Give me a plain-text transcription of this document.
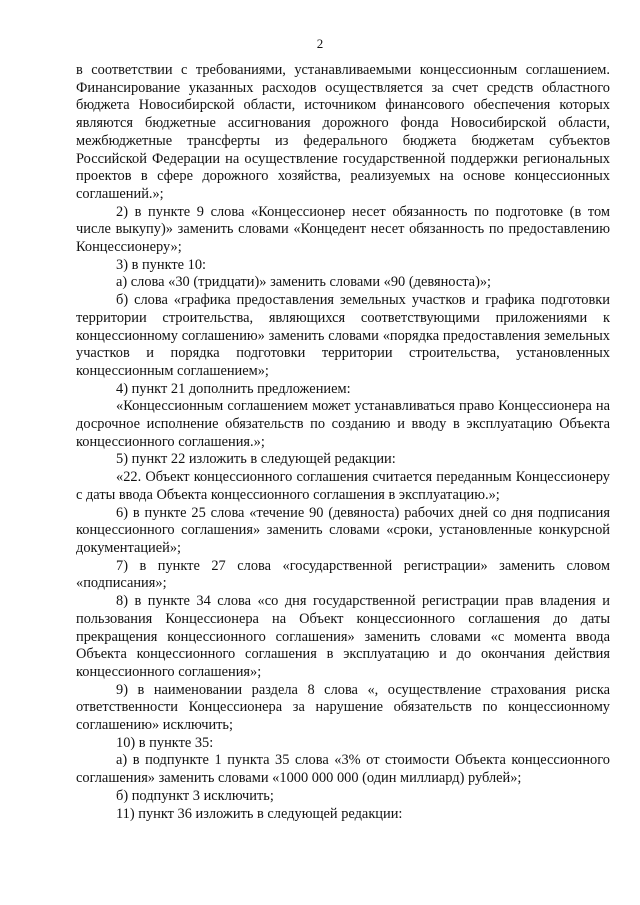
2

в соответствии с требованиями, устанавливаемыми концессионным соглашением. Финансирование указанных расходов осуществляется за счет средств областного бюджета Новосибирской области, источником финансового обеспечения которых являются бюджетные ассигнования дорожного фонда Новосибирской области, межбюджетные трансферты из федерального бюджета бюджетам субъектов Российской Федерации на осуществление государственной поддержки региональных проектов в сфере дорожного хозяйства, реализуемых на основе концессионных соглашений.»;

2) в пункте 9 слова «Концессионер несет обязанность по подготовке (в том числе выкупу)» заменить словами «Концедент несет обязанность по предоставлению Концессионеру»;

3) в пункте 10:

а) слова «30 (тридцати)» заменить словами «90 (девяноста)»;

б) слова «графика предоставления земельных участков и графика подготовки территории строительства, являющихся соответствующими приложениями к концессионному соглашению» заменить словами «порядка предоставления земельных участков и порядка подготовки территории строительства, установленных концессионным соглашением»;

4) пункт 21 дополнить предложением:

«Концессионным соглашением может устанавливаться право Концессионера на досрочное исполнение обязательств по созданию и вводу в эксплуатацию Объекта концессионного соглашения.»;

5) пункт 22 изложить в следующей редакции:

«22. Объект концессионного соглашения считается переданным Концессионеру с даты ввода Объекта концессионного соглашения в эксплуатацию.»;

6) в пункте 25 слова «течение 90 (девяноста) рабочих дней со дня подписания концессионного соглашения» заменить словами «сроки, установленные конкурсной документацией»;

7) в пункте 27 слова «государственной регистрации» заменить словом «подписания»;

8) в пункте 34 слова «со дня государственной регистрации прав владения и пользования Концессионера на Объект концессионного соглашения до даты прекращения концессионного соглашения» заменить словами «с момента ввода Объекта концессионного соглашения в эксплуатацию и до окончания действия концессионного соглашения»;

9) в наименовании раздела 8 слова «, осуществление страхования риска ответственности Концессионера за нарушение обязательств по концессионному соглашению» исключить;

10) в пункте 35:

а) в подпункте 1 пункта 35 слова «3% от стоимости Объекта концессионного соглашения» заменить словами «1000 000 000 (один миллиард) рублей»;

б) подпункт 3 исключить;

11) пункт 36 изложить в следующей редакции:
